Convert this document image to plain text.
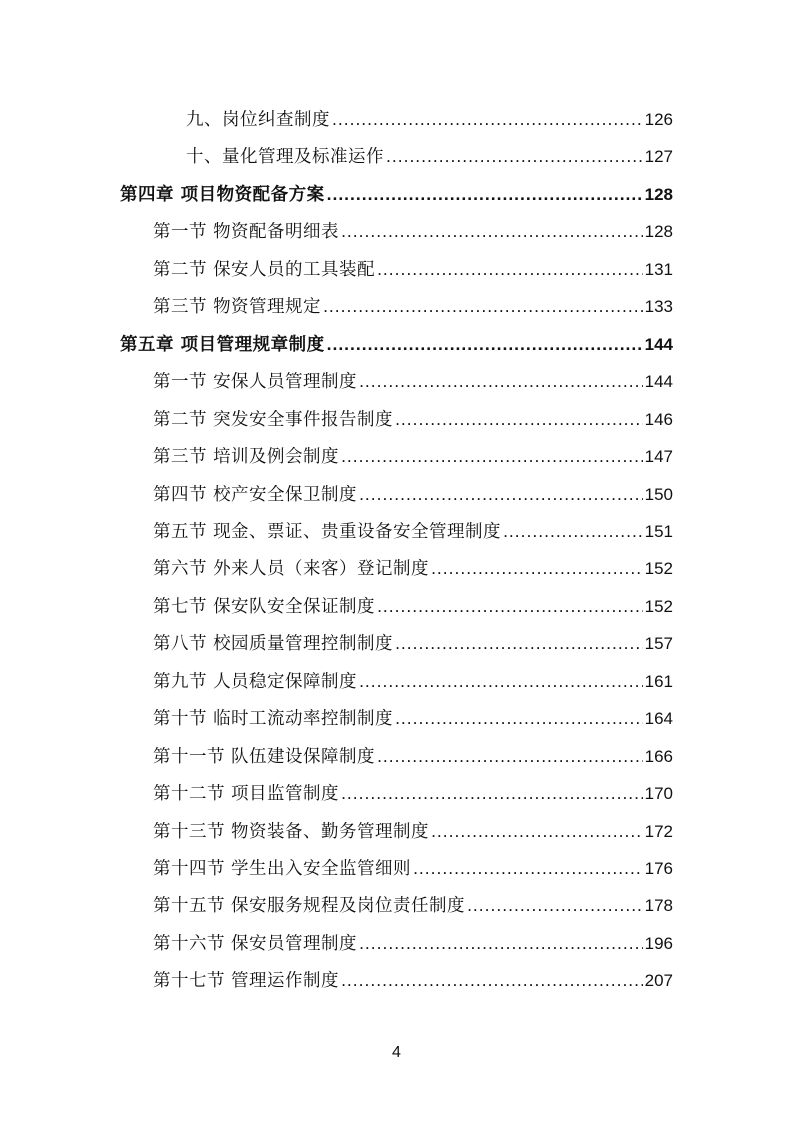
九、岗位纠查制度 .....	126
十、量化管理及标准运作 .....	127
第四章 项目物资配备方案 .....	128
第一节 物资配备明细表 .....	128
第二节 保安人员的工具装配 .....	131
第三节 物资管理规定 .....	133
第五章 项目管理规章制度 .....	144
第一节 安保人员管理制度 .....	144
第二节 突发安全事件报告制度 .....	146
第三节 培训及例会制度 .....	147
第四节 校产安全保卫制度 .....	150
第五节 现金、票证、贵重设备安全管理制度 .....	151
第六节 外来人员（来客）登记制度 .....	152
第七节 保安队安全保证制度 .....	152
第八节 校园质量管理控制制度 .....	157
第九节 人员稳定保障制度 .....	161
第十节 临时工流动率控制制度 .....	164
第十一节 队伍建设保障制度 .....	166
第十二节 项目监管制度 .....	170
第十三节 物资装备、勤务管理制度 .....	172
第十四节 学生出入安全监管细则 .....	176
第十五节 保安服务规程及岗位责任制度 .....	178
第十六节 保安员管理制度 .....	196
第十七节 管理运作制度 .....	207
4
